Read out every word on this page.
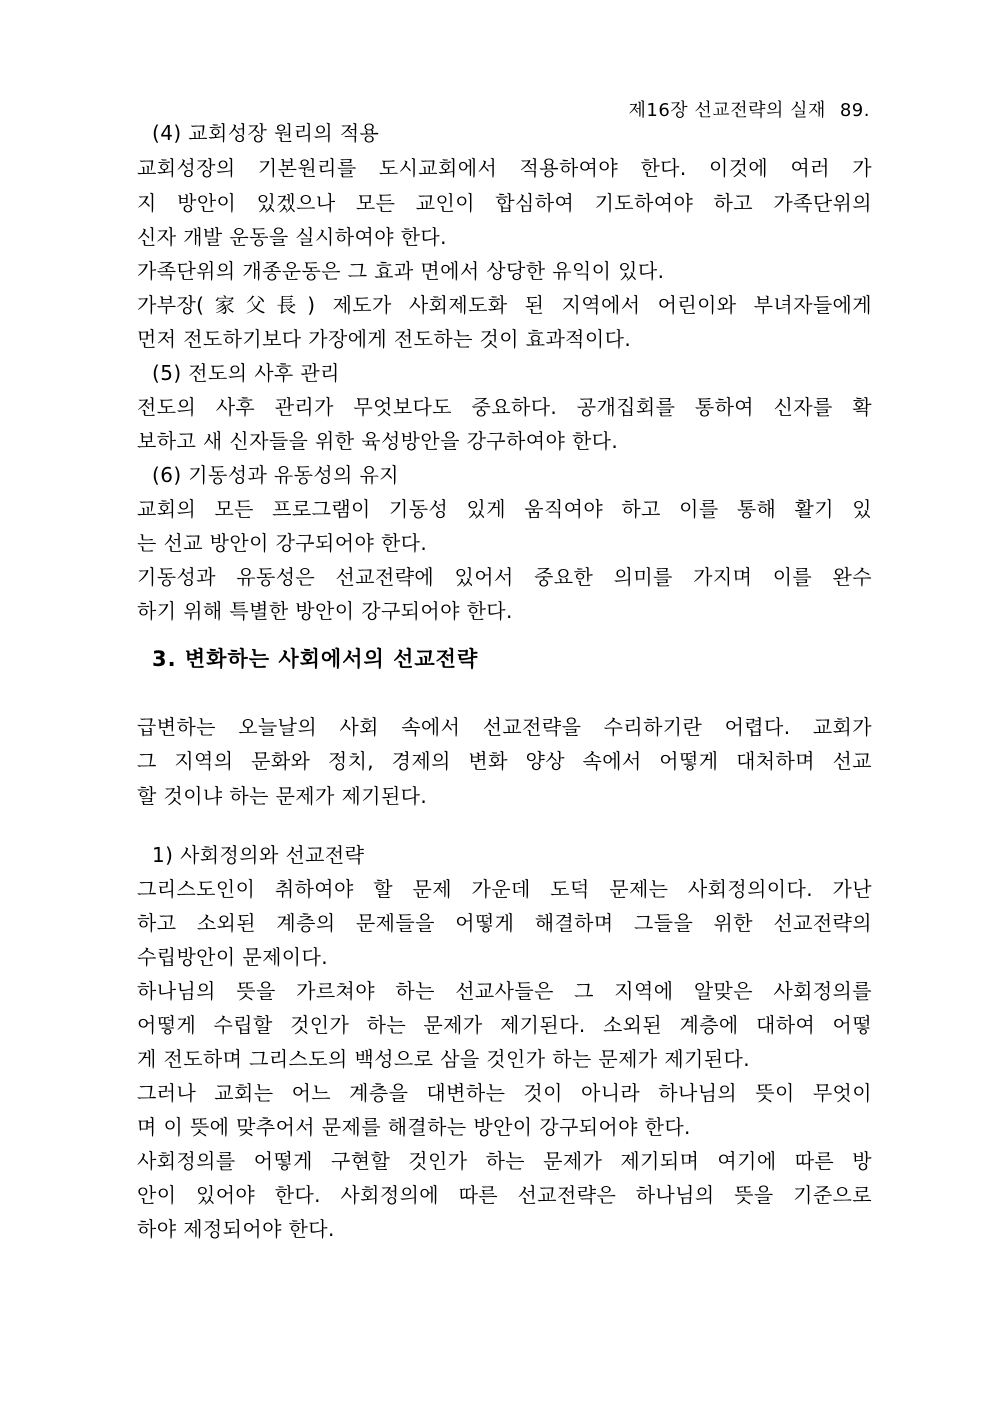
제16장 선교전략의 실재 89.
(4) 교회성장 원리의 적용
교회성장의 기본원리를 도시교회에서 적용하여야 한다. 이것에 여러 가
지 방안이 있겠으나 모든 교인이 합심하여 기도하여야 하고 가족단위의
신자 개발 운동을 실시하여야 한다.
가족단위의 개종운동은 그 효과 면에서 상당한 유익이 있다.
가부장(家父長) 제도가 사회제도화 된 지역에서 어린이와 부녀자들에게
먼저 전도하기보다 가장에게 전도하는 것이 효과적이다.
(5) 전도의 사후 관리
전도의 사후 관리가 무엇보다도 중요하다. 공개집회를 통하여 신자를 확
보하고 새 신자들을 위한 육성방안을 강구하여야 한다.
(6) 기동성과 유동성의 유지
교회의 모든 프로그램이 기동성 있게 움직여야 하고 이를 통해 활기 있
는 선교 방안이 강구되어야 한다.
기동성과 유동성은 선교전략에 있어서 중요한 의미를 가지며 이를 완수
하기 위해 특별한 방안이 강구되어야 한다.
급변하는 오늘날의 사회 속에서 선교전략을 수리하기란 어렵다. 교회가
그 지역의 문화와 정치, 경제의 변화 양상 속에서 어떻게 대처하며 선교
할 것이냐 하는 문제가 제기된다.
1) 사회정의와 선교전략
그리스도인이 취하여야 할 문제 가운데 도덕 문제는 사회정의이다. 가난
하고 소외된 계층의 문제들을 어떻게 해결하며 그들을 위한 선교전략의
수립방안이 문제이다.
하나님의 뜻을 가르쳐야 하는 선교사들은 그 지역에 알맞은 사회정의를
어떻게 수립할 것인가 하는 문제가 제기된다. 소외된 계층에 대하여 어떻
게 전도하며 그리스도의 백성으로 삼을 것인가 하는 문제가 제기된다.
그러나 교회는 어느 계층을 대변하는 것이 아니라 하나님의 뜻이 무엇이
며 이 뜻에 맞추어서 문제를 해결하는 방안이 강구되어야 한다.
사회정의를 어떻게 구현할 것인가 하는 문제가 제기되며 여기에 따른 방
안이 있어야 한다. 사회정의에 따른 선교전략은 하나님의 뜻을 기준으로
하야 제정되어야 한다.
3. 변화하는 사회에서의 선교전략
